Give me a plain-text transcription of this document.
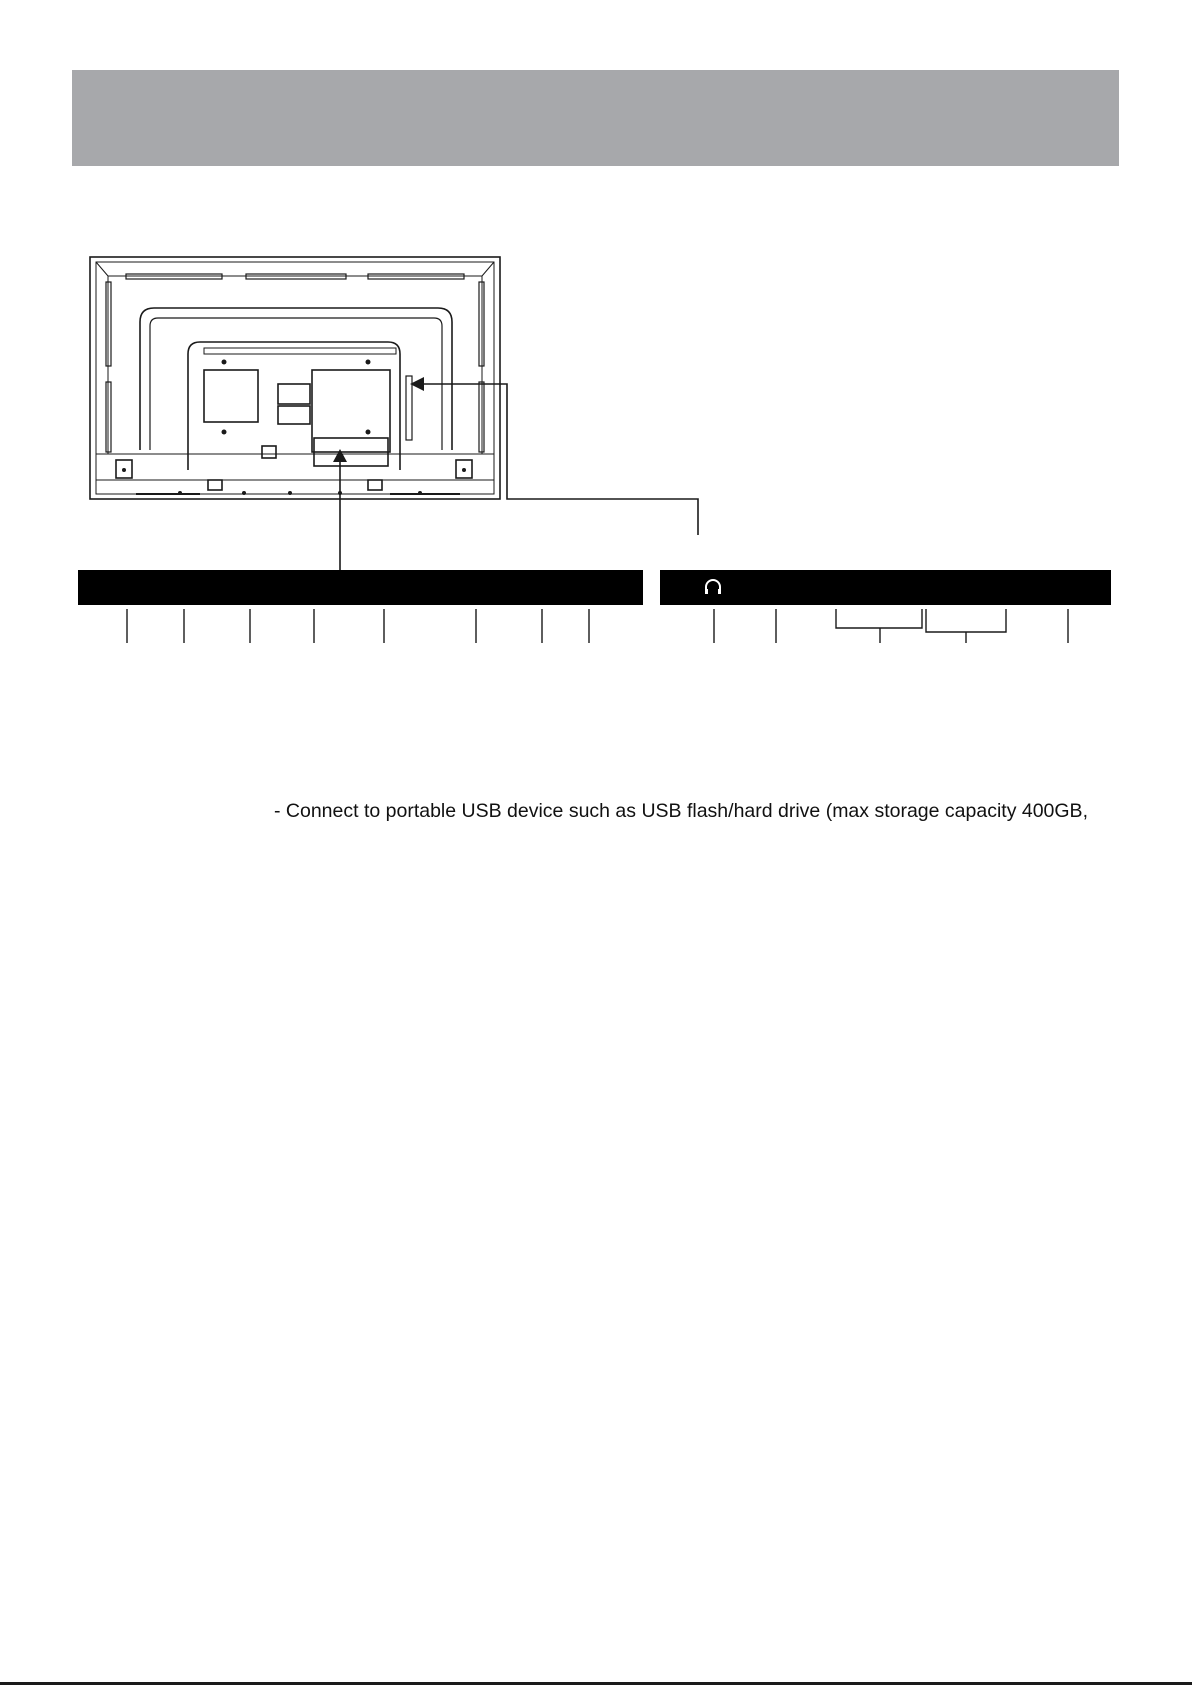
- Connect to portable USB device such as USB flash/hard drive (max storage capacity 400GB,
